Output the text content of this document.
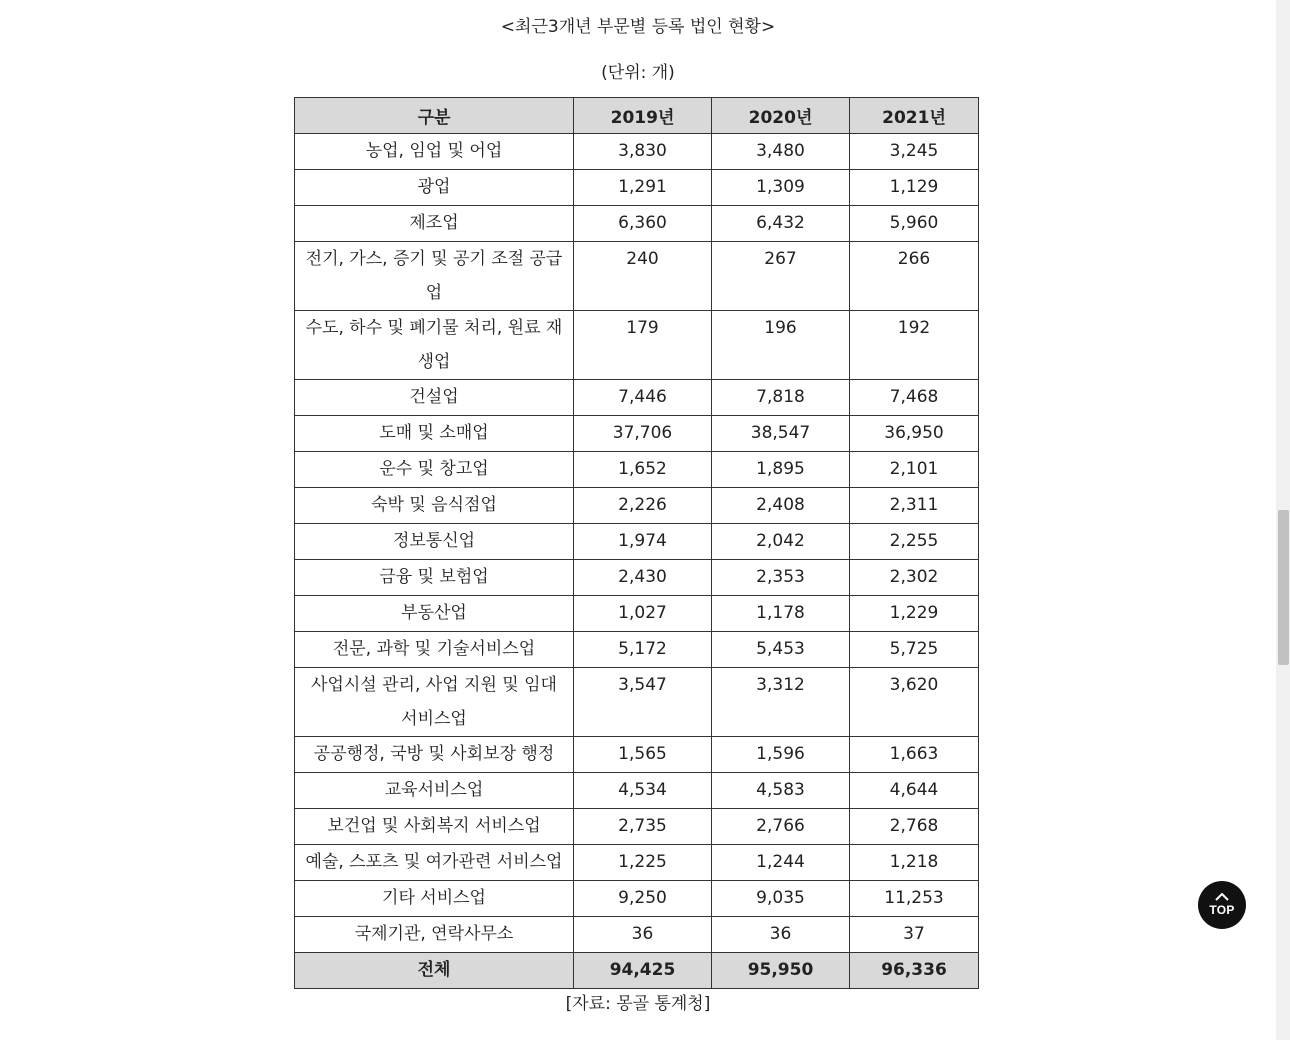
<최근3개년 부문별 등록 법인 현황>
(단위: 개)
구분	2019년	2020년	2021년
농업, 임업 및 어업	3,830	3,480	3,245
광업	1,291	1,309	1,129
제조업	6,360	6,432	5,960
전기, 가스, 증기 및 공기 조절 공급업	240	267	266
수도, 하수 및 폐기물 처리, 원료 재생업	179	196	192
건설업	7,446	7,818	7,468
도매 및 소매업	37,706	38,547	36,950
운수 및 창고업	1,652	1,895	2,101
숙박 및 음식점업	2,226	2,408	2,311
정보통신업	1,974	2,042	2,255
금융 및 보험업	2,430	2,353	2,302
부동산업	1,027	1,178	1,229
전문, 과학 및 기술서비스업	5,172	5,453	5,725
사업시설 관리, 사업 지원 및 임대 서비스업	3,547	3,312	3,620
공공행정, 국방 및 사회보장 행정	1,565	1,596	1,663
교육서비스업	4,534	4,583	4,644
보건업 및 사회복지 서비스업	2,735	2,766	2,768
예술, 스포츠 및 여가관련 서비스업	1,225	1,244	1,218
기타 서비스업	9,250	9,035	11,253
국제기관, 연락사무소	36	36	37
전체	94,425	95,950	96,336
[자료: 몽골 통계청]
TOP
